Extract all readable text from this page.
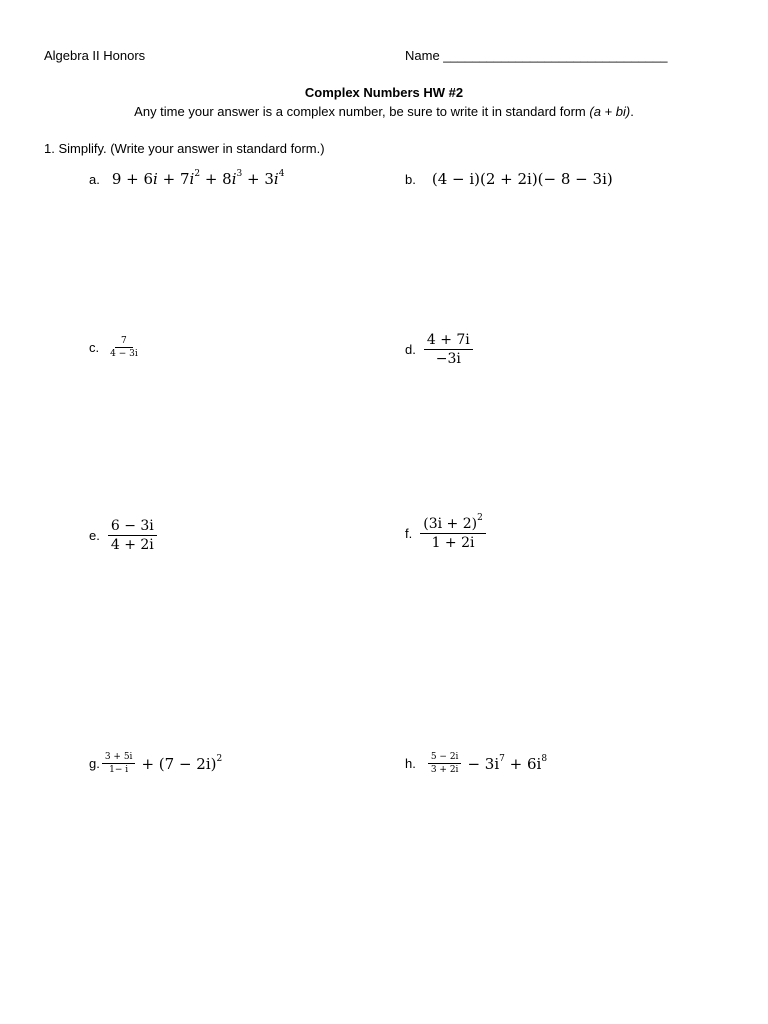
Algebra II Honors	Name _______________________________
Complex Numbers HW #2
Any time your answer is a complex number, be sure to write it in standard form (a + bi).
1. Simplify. (Write your answer in standard form.)
a. $9 + 6i + 7i^2 + 8i^3 + 3i^4$	b. (4 − i)(2 + 2i)(− 8 − 3i)
c. $\frac{7}{4 - 3i}$	d. $\frac{4 + 7i}{-3i}$
e. $\frac{6 - 3i}{4 + 2i}$	f. $\frac{(3i + 2)^2}{1 + 2i}$
g. $\frac{3 + 5i}{1- i} + (7 - 2i)^2$	h. $\frac{5 - 2i}{3 + 2i} - 3i^7 + 6i^8$
